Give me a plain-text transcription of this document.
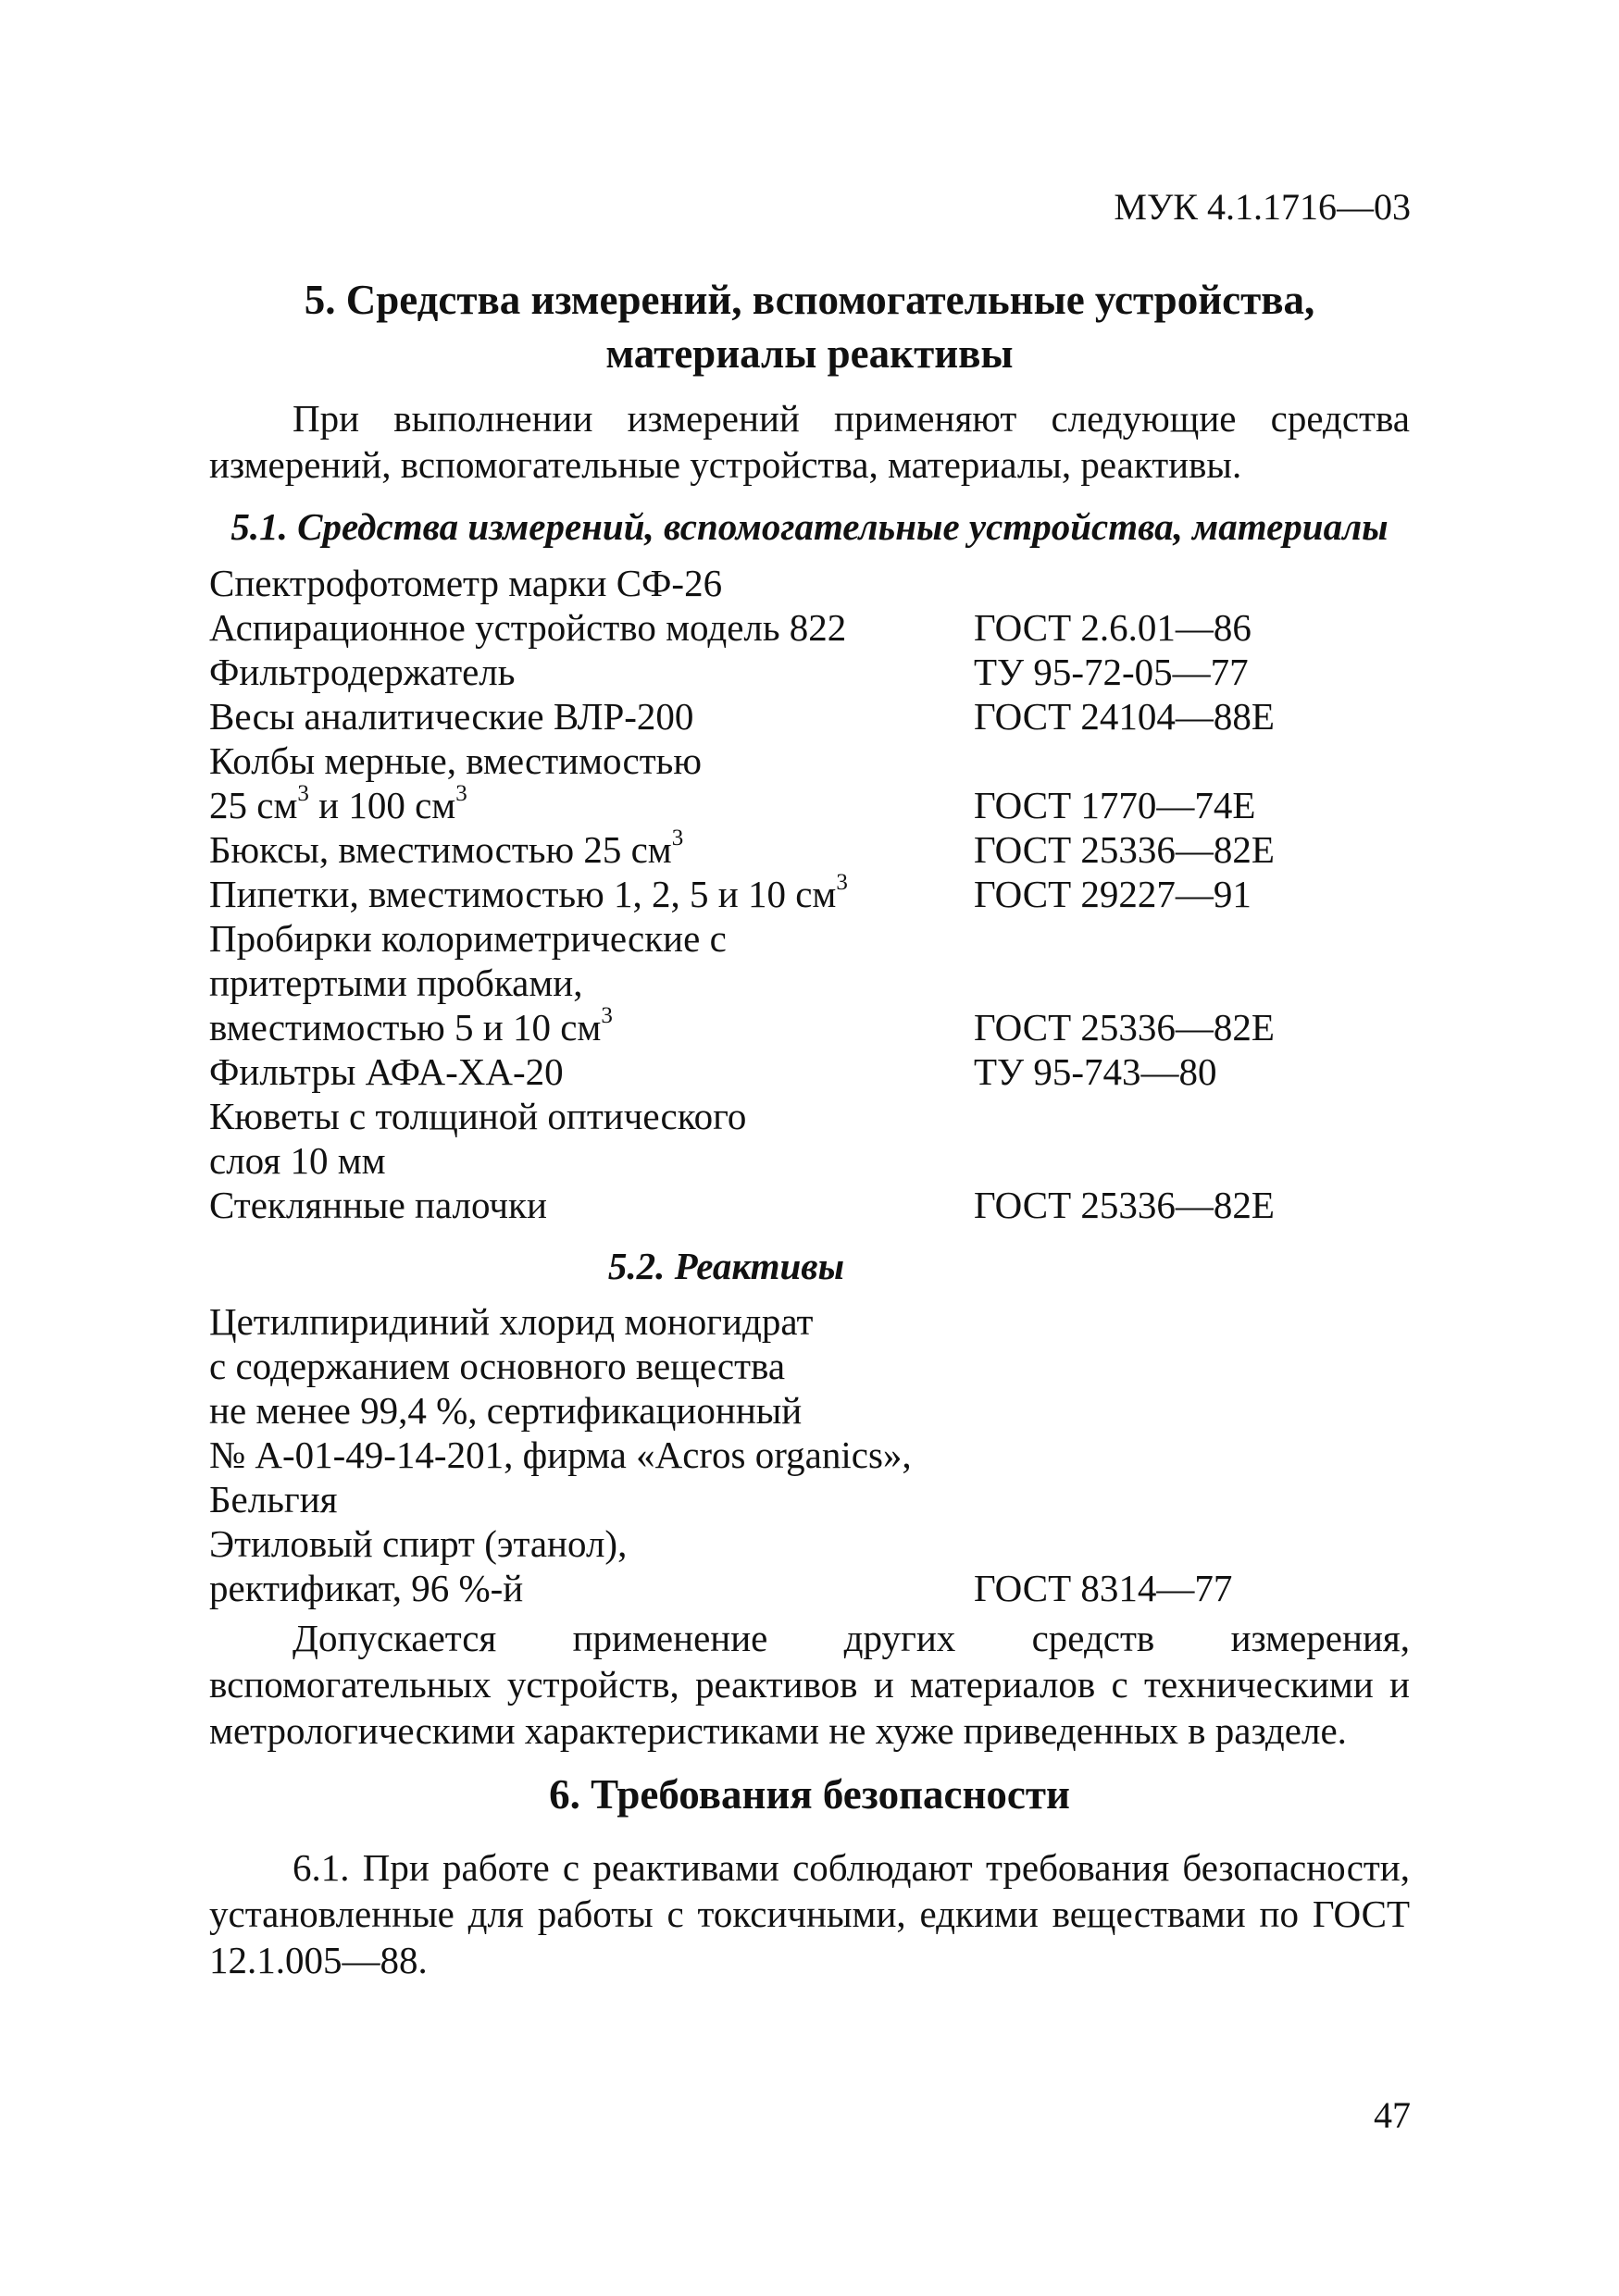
МУК 4.1.1716—03
5. Средства измерений, вспомогательные устройства,
материалы реактивы
При выполнении измерений применяют следующие средства измерений, вспомогательные устройства, материалы, реактивы.
5.1. Средства измерений, вспомогательные устройства, материалы
Спектрофотометр марки СФ-26
Аспирационное устройство модель 822	ГОСТ 2.6.01—86
Фильтродержатель	ТУ 95-72-05—77
Весы аналитические ВЛР-200	ГОСТ 24104—88Е
Колбы мерные, вместимостью
25 $см^3$ и 100 $см^3$	ГОСТ 1770—74Е
Бюксы, вместимостью 25 $см^3$	ГОСТ 25336—82Е
Пипетки, вместимостью 1, 2, 5 и 10 $см^3$	ГОСТ 29227—91
Пробирки колориметрические с
притертыми пробками,
вместимостью 5 и 10 $см^3$	ГОСТ 25336—82Е
Фильтры АФА-ХА-20	ТУ 95-743—80
Кюветы с толщиной оптического
слоя 10 мм
Стеклянные палочки	ГОСТ 25336—82Е
5.2. Реактивы
Цетилпиридиний хлорид моногидрат
с содержанием основного вещества
не менее 99,4 %, сертификационный
№ А-01-49-14-201, фирма «Acros organics»,
Бельгия
Этиловый спирт (этанол),
ректификат, 96 %-й	ГОСТ 8314—77
Допускается применение других средств измерения, вспомогательных устройств, реактивов и материалов с техническими и метрологическими характеристиками не хуже приведенных в разделе.
6. Требования безопасности
6.1. При работе с реактивами соблюдают требования безопасности, установленные для работы с токсичными, едкими веществами по ГОСТ 12.1.005—88.
47
